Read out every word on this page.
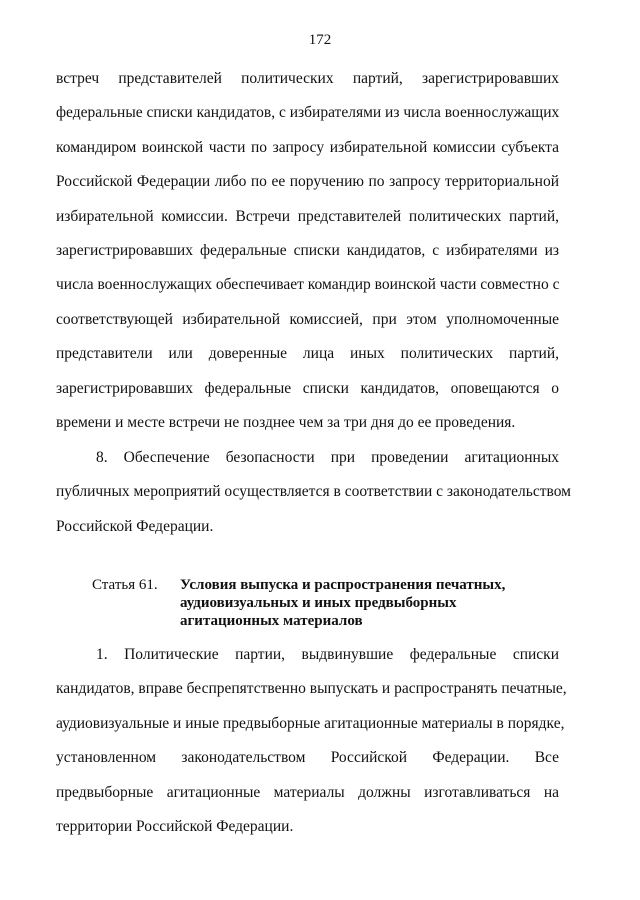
172
встреч представителей политических партий, зарегистрировавших
федеральные списки кандидатов, с избирателями из числа военнослужащих
командиром воинской части по запросу избирательной комиссии субъекта
Российской Федерации либо по ее поручению по запросу территориальной
избирательной комиссии. Встречи представителей политических партий,
зарегистрировавших федеральные списки кандидатов, с избирателями из
числа военнослужащих обеспечивает командир воинской части совместно с
соответствующей избирательной комиссией, при этом уполномоченные
представители или доверенные лица иных политических партий,
зарегистрировавших федеральные списки кандидатов, оповещаются о
времени и месте встречи не позднее чем за три дня до ее проведения.
8. Обеспечение безопасности при проведении агитационных
публичных мероприятий осуществляется в соответствии с законодательством
Российской Федерации.
Статья 61. Условия выпуска и распространения печатных,
аудиовизуальных и иных предвыборных
агитационных материалов
1. Политические партии, выдвинувшие федеральные списки
кандидатов, вправе беспрепятственно выпускать и распространять печатные,
аудиовизуальные и иные предвыборные агитационные материалы в порядке,
установленном законодательством Российской Федерации. Все
предвыборные агитационные материалы должны изготавливаться на
территории Российской Федерации.
